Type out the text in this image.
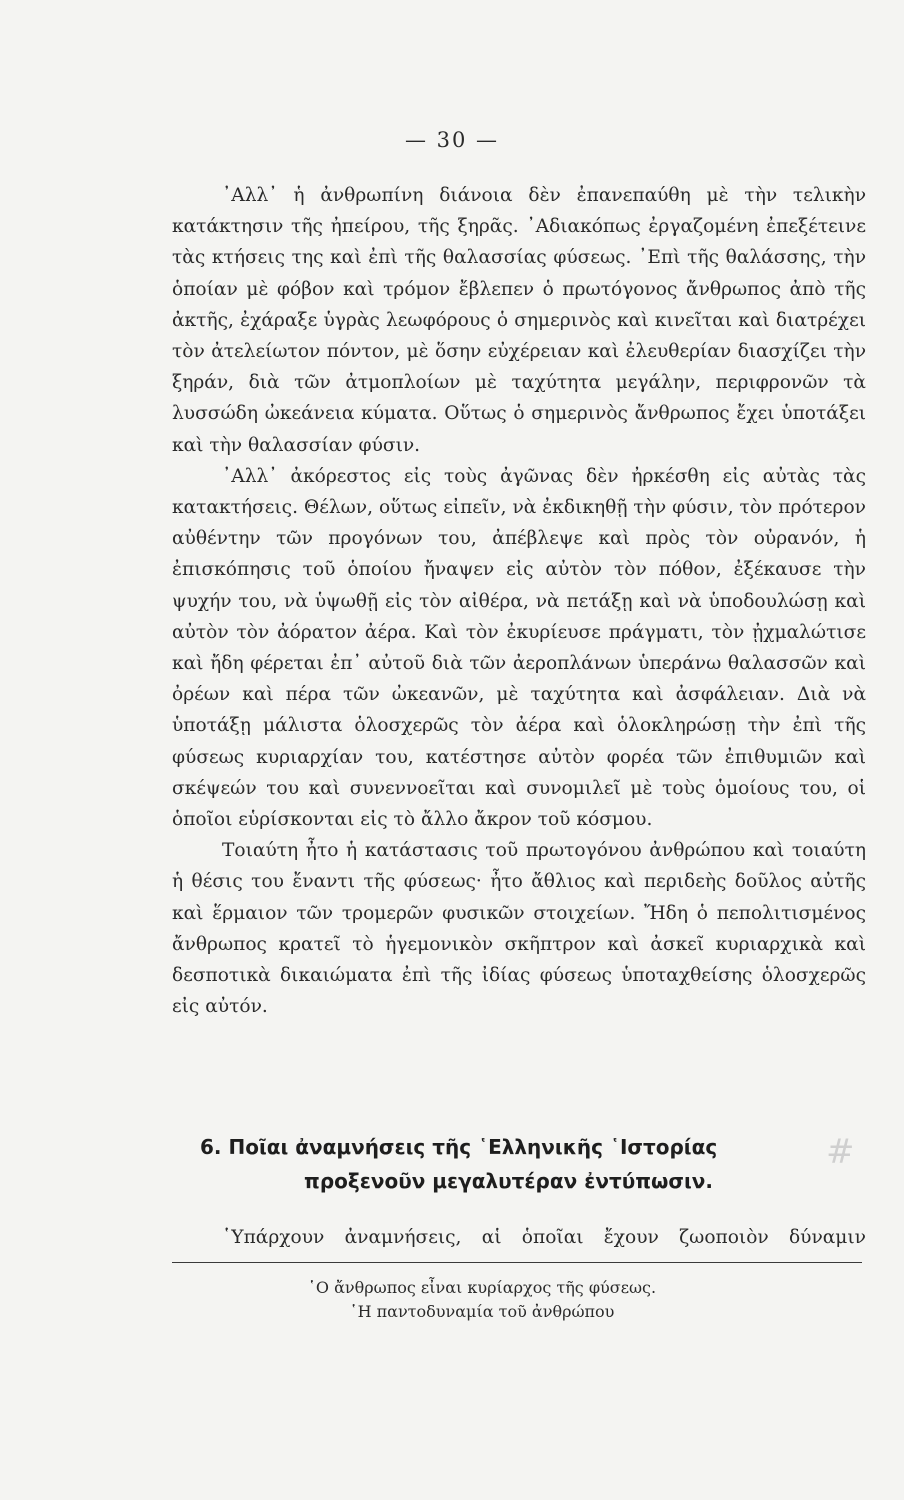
— 30 —

᾿Αλλ᾿ ἡ ἀνθρωπίνη διάνοια δὲν ἐπανεπαύθη μὲ τὴν τελικὴν κατάκτησιν τῆς ἠπείρου, τῆς ξηρᾶς. ᾿Αδιακόπως ἐργαζομένη ἐπεξέτεινε τὰς κτήσεις της καὶ ἐπὶ τῆς θαλασσίας φύσεως. ᾿Επὶ τῆς θαλάσσης, τὴν ὁποίαν μὲ φόβον καὶ τρόμον ἔβλεπεν ὁ πρωτόγονος ἄνθρωπος ἀπὸ τῆς ἀκτῆς, ἐχάραξε ὑγρὰς λεωφόρους ὁ σημερινὸς καὶ κινεῖται καὶ διατρέχει τὸν ἀτελείωτον πόντον, μὲ ὅσην εὐχέρειαν καὶ ἐλευθερίαν διασχίζει τὴν ξηράν, διὰ τῶν ἀτμοπλοίων μὲ ταχύτητα μεγάλην, περιφρονῶν τὰ λυσσώδη ὠκεάνεια κύματα. Οὕτως ὁ σημερινὸς ἄνθρωπος ἔχει ὑποτάξει καὶ τὴν θαλασσίαν φύσιν.

᾿Αλλ᾿ ἀκόρεστος εἰς τοὺς ἀγῶνας δὲν ἠρκέσθη εἰς αὐτὰς τὰς κατακτήσεις. Θέλων, οὕτως εἰπεῖν, νὰ ἐκδικηθῇ τὴν φύσιν, τὸν πρότερον αὐθέντην τῶν προγόνων του, ἀπέβλεψε καὶ πρὸς τὸν οὐρανόν, ἡ ἐπισκόπησις τοῦ ὁποίου ἤναψεν εἰς αὐτὸν τὸν πόθον, ἐξέκαυσε τὴν ψυχήν του, νὰ ὑψωθῇ εἰς τὸν αἰθέρα, νὰ πετάξῃ καὶ νὰ ὑποδουλώσῃ καὶ αὐτὸν τὸν ἀόρατον ἀέρα. Καὶ τὸν ἐκυρίευσε πράγματι, τὸν ᾐχμαλώτισε καὶ ἤδη φέρεται ἐπ᾿ αὐτοῦ διὰ τῶν ἀεροπλάνων ὑπεράνω θαλασσῶν καὶ ὀρέων καὶ πέρα τῶν ὠκεανῶν, μὲ ταχύτητα καὶ ἀσφάλειαν. Διὰ νὰ ὑποτάξῃ μάλιστα ὁλοσχερῶς τὸν ἀέρα καὶ ὁλοκληρώσῃ τὴν ἐπὶ τῆς φύσεως κυριαρχίαν του, κατέστησε αὐτὸν φορέα τῶν ἐπιθυμιῶν καὶ σκέψεών του καὶ συνεννοεῖται καὶ συνομιλεῖ μὲ τοὺς ὁμοίους του, οἱ ὁποῖοι εὑρίσκονται εἰς τὸ ἄλλο ἄκρον τοῦ κόσμου.

Τοιαύτη ἦτο ἡ κατάστασις τοῦ πρωτογόνου ἀνθρώπου καὶ τοιαύτη ἡ θέσις του ἔναντι τῆς φύσεως· ἦτο ἄθλιος καὶ περιδεὴς δοῦλος αὐτῆς καὶ ἕρμαιον τῶν τρομερῶν φυσικῶν στοιχείων. Ἤδη ὁ πεπολιτισμένος ἄνθρωπος κρατεῖ τὸ ἡγεμονικὸν σκῆπτρον καὶ ἀσκεῖ κυριαρχικὰ καὶ δεσποτικὰ δικαιώματα ἐπὶ τῆς ἰδίας φύσεως ὑποταχθείσης ὁλοσχερῶς εἰς αὐτόν.

6. Ποῖαι ἀναμνήσεις τῆς ῾Ελληνικῆς ῾Ιστορίας
προξενοῦν μεγαλυτέραν ἐντύπωσιν.
#
῾Υπάρχουν ἀναμνήσεις, αἱ ὁποῖαι ἔχουν ζωοποιὸν δύναμιν
῾Ο ἄνθρωπος εἶναι κυρίαρχος τῆς φύσεως.
῾Η παντοδυναμία τοῦ ἀνθρώπου
